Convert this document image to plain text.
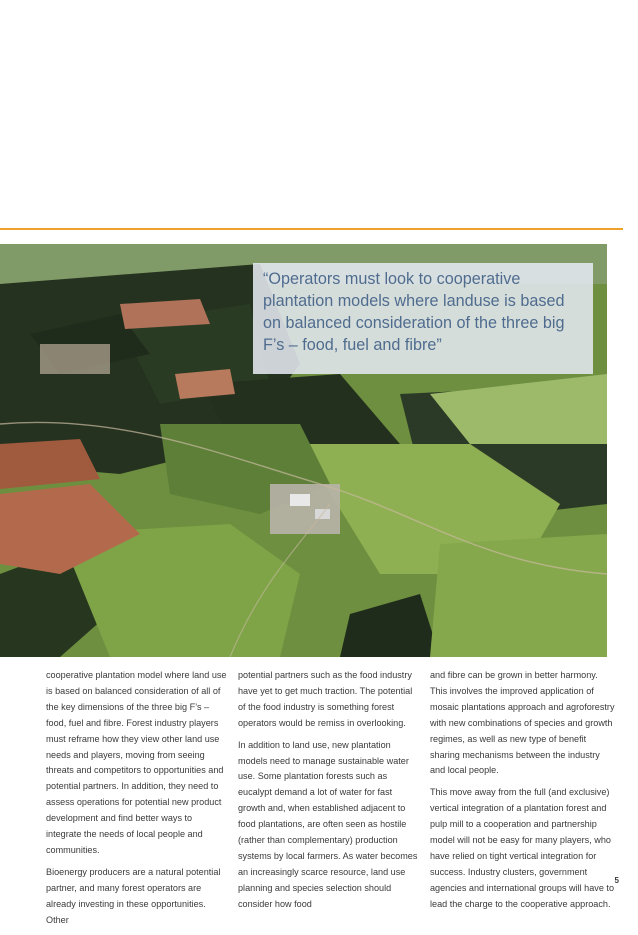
“Operators must look to cooperative plantation models where landuse is based on balanced consideration of the three big F’s – food, fuel and fibre”

cooperative plantation model where land use is based on balanced consideration of all of the key dimensions of the three big F’s – food, fuel and fibre. Forest industry players must reframe how they view other land use needs and players, moving from seeing threats and competitors to opportunities and potential partners. In addition, they need to assess operations for potential new product development and find better ways to integrate the needs of local people and communities.

Bioenergy producers are a natural potential partner, and many forest operators are already investing in these opportunities. Other

potential partners such as the food industry have yet to get much traction. The potential of the food industry is something forest operators would be remiss in overlooking.

In addition to land use, new plantation models need to manage sustainable water use. Some plantation forests such as eucalypt demand a lot of water for fast growth and, when established adjacent to food plantations, are often seen as hostile (rather than complementary) production systems by local farmers. As water becomes an increasingly scarce resource, land use planning and species selection should consider how food

and fibre can be grown in better harmony. This involves the improved application of mosaic plantations approach and agroforestry with new combinations of species and growth regimes, as well as new type of benefit sharing mechanisms between the industry and local people.

This move away from the full (and exclusive) vertical integration of a plantation forest and pulp mill to a cooperation and partnership model will not be easy for many players, who have relied on tight vertical integration for success. Industry clusters, government agencies and international groups will have to lead the charge to the cooperative approach.

5
